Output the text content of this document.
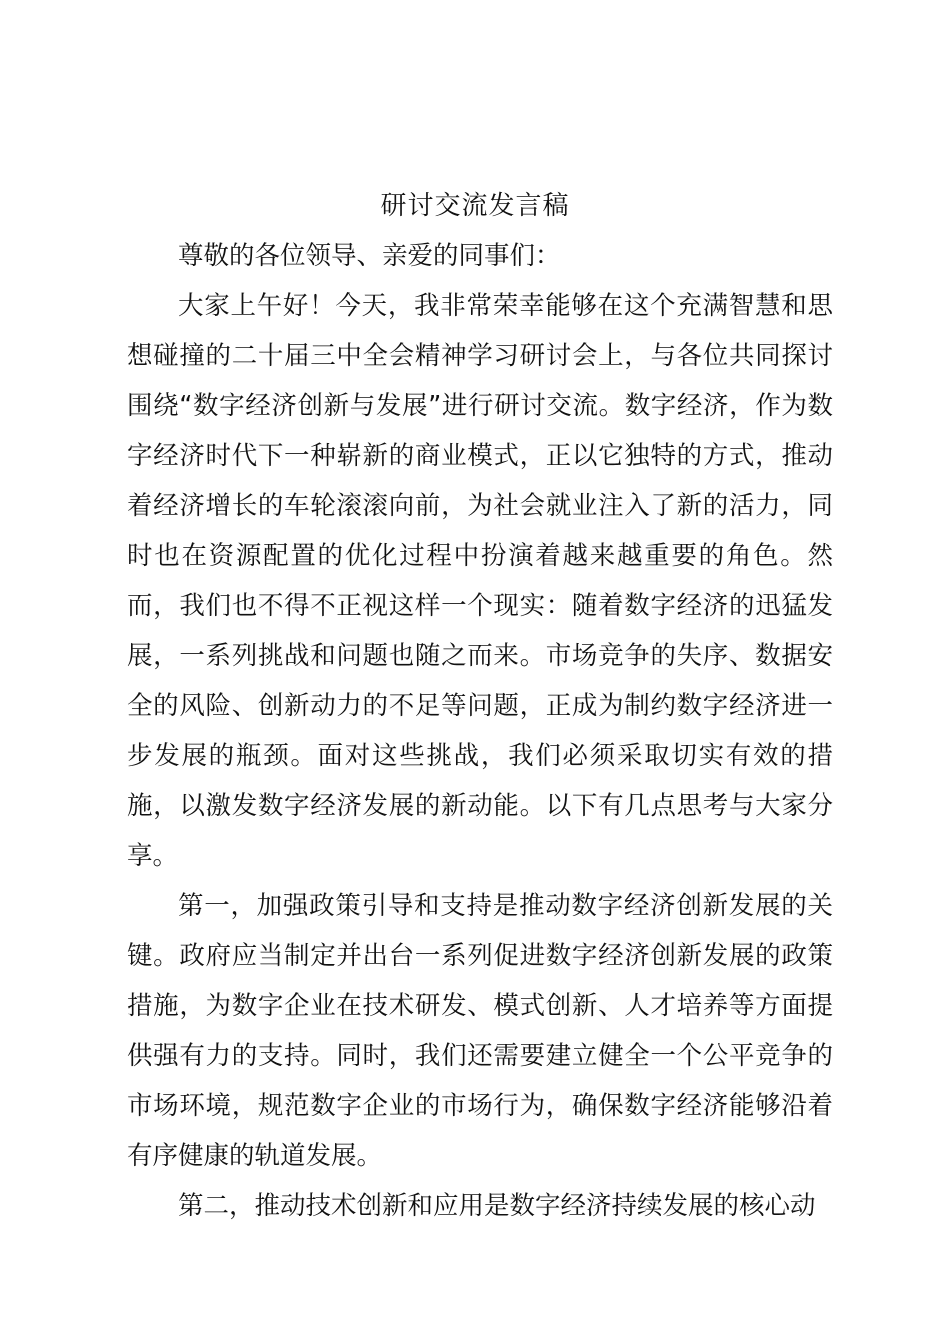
研讨交流发言稿

尊敬的各位领导、亲爱的同事们：

大家上午好！今天，我非常荣幸能够在这个充满智慧和思想碰撞的二十届三中全会精神学习研讨会上，与各位共同探讨围绕“数字经济创新与发展”进行研讨交流。数字经济，作为数字经济时代下一种崭新的商业模式，正以它独特的方式，推动着经济增长的车轮滚滚向前，为社会就业注入了新的活力，同时也在资源配置的优化过程中扮演着越来越重要的角色。然而，我们也不得不正视这样一个现实：随着数字经济的迅猛发展，一系列挑战和问题也随之而来。市场竞争的失序、数据安全的风险、创新动力的不足等问题，正成为制约数字经济进一步发展的瓶颈。面对这些挑战，我们必须采取切实有效的措施，以激发数字经济发展的新动能。以下有几点思考与大家分享。

第一，加强政策引导和支持是推动数字经济创新发展的关键。政府应当制定并出台一系列促进数字经济创新发展的政策措施，为数字企业在技术研发、模式创新、人才培养等方面提供强有力的支持。同时，我们还需要建立健全一个公平竞争的市场环境，规范数字企业的市场行为，确保数字经济能够沿着有序健康的轨道发展。

第二，推动技术创新和应用是数字经济持续发展的核心动
